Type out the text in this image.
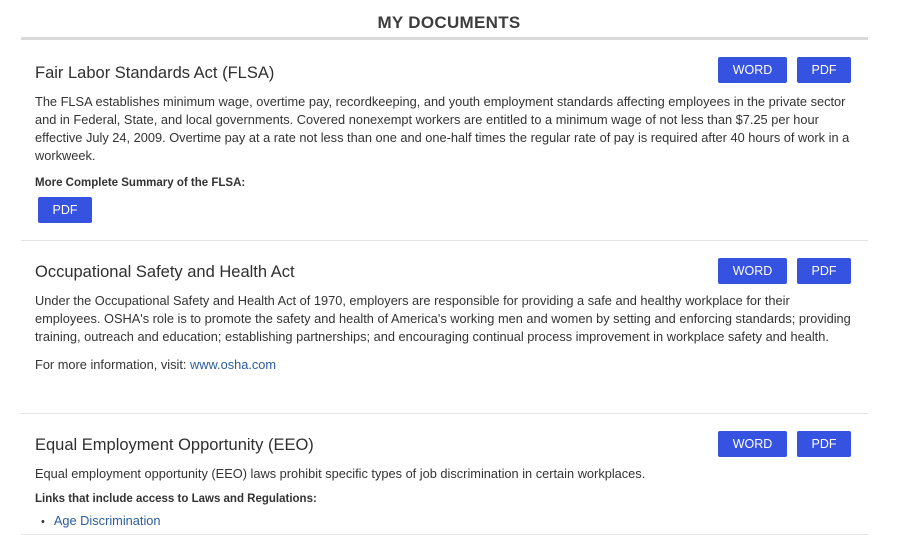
MY DOCUMENTS
WORD	PDF
Fair Labor Standards Act (FLSA)

The FLSA establishes minimum wage, overtime pay, recordkeeping, and youth employment standards affecting employees in the private sector and in Federal, State, and local governments. Covered nonexempt workers are entitled to a minimum wage of not less than $7.25 per hour effective July 24, 2009. Overtime pay at a rate not less than one and one-half times the regular rate of pay is required after 40 hours of work in a workweek.

More Complete Summary of the FLSA:
PDF
WORD	PDF
Occupational Safety and Health Act

Under the Occupational Safety and Health Act of 1970, employers are responsible for providing a safe and healthy workplace for their employees. OSHA's role is to promote the safety and health of America's working men and women by setting and enforcing standards; providing training, outreach and education; establishing partnerships; and encouraging continual process improvement in workplace safety and health.

For more information, visit: www.osha.com

WORD	PDF
Equal Employment Opportunity (EEO)

Equal employment opportunity (EEO) laws prohibit specific types of job discrimination in certain workplaces.

Links that include access to Laws and Regulations:
• Age Discrimination
